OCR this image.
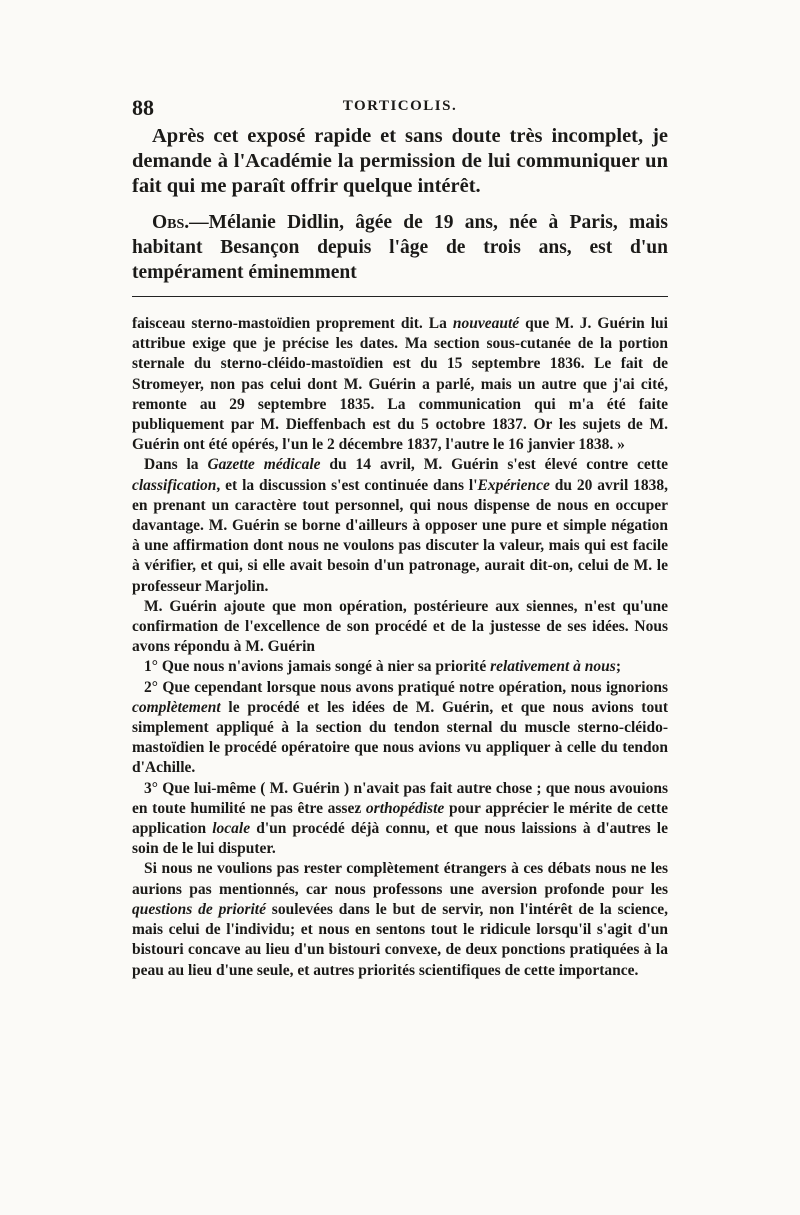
88	TORTICOLIS.

Après cet exposé rapide et sans doute très incomplet, je demande à l'Académie la permission de lui communiquer un fait qui me paraît offrir quelque intérêt.

Obs.—Mélanie Didlin, âgée de 19 ans, née à Paris, mais habitant Besançon depuis l'âge de trois ans, est d'un tempérament éminemment

faisceau sterno-mastoïdien proprement dit. La nouveauté que M. J. Guérin lui attribue exige que je précise les dates. Ma section sous-cutanée de la portion sternale du sterno-cléido-mastoïdien est du 15 septembre 1836. Le fait de Stromeyer, non pas celui dont M. Guérin a parlé, mais un autre que j'ai cité, remonte au 29 septembre 1835. La communication qui m'a été faite publiquement par M. Dieffenbach est du 5 octobre 1837. Or les sujets de M. Guérin ont été opérés, l'un le 2 décembre 1837, l'autre le 16 janvier 1838. »

Dans la Gazette médicale du 14 avril, M. Guérin s'est élevé contre cette classification, et la discussion s'est continuée dans l'Expérience du 20 avril 1838, en prenant un caractère tout personnel, qui nous dispense de nous en occuper davantage. M. Guérin se borne d'ailleurs à opposer une pure et simple négation à une affirmation dont nous ne voulons pas discuter la valeur, mais qui est facile à vérifier, et qui, si elle avait besoin d'un patronage, aurait dit-on, celui de M. le professeur Marjolin.

M. Guérin ajoute que mon opération, postérieure aux siennes, n'est qu'une confirmation de l'excellence de son procédé et de la justesse de ses idées. Nous avons répondu à M. Guérin

1° Que nous n'avions jamais songé à nier sa priorité relativement à nous;

2° Que cependant lorsque nous avons pratiqué notre opération, nous ignorions complètement le procédé et les idées de M. Guérin, et que nous avions tout simplement appliqué à la section du tendon sternal du muscle sterno-cléido-mastoïdien le procédé opératoire que nous avions vu appliquer à celle du tendon d'Achille.

3° Que lui-même ( M. Guérin ) n'avait pas fait autre chose ; que nous avouions en toute humilité ne pas être assez orthopédiste pour apprécier le mérite de cette application locale d'un procédé déjà connu, et que nous laissions à d'autres le soin de le lui disputer.

Si nous ne voulions pas rester complètement étrangers à ces débats nous ne les aurions pas mentionnés, car nous professons une aversion profonde pour les questions de priorité soulevées dans le but de servir, non l'intérêt de la science, mais celui de l'individu; et nous en sentons tout le ridicule lorsqu'il s'agit d'un bistouri concave au lieu d'un bistouri convexe, de deux ponctions pratiquées à la peau au lieu d'une seule, et autres priorités scientifiques de cette importance.
